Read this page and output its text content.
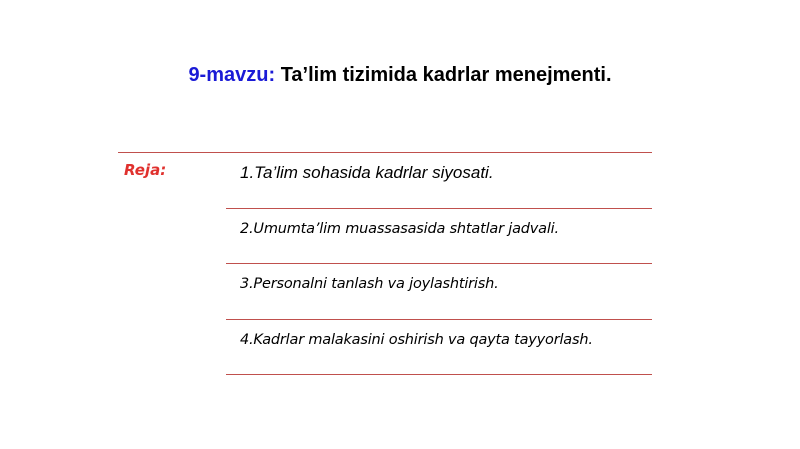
9-mavzu: Ta’lim tizimida kadrlar menejmenti.
Reja:	1.Ta’lim sohasida kadrlar siyosati.
2.Umumta’lim muassasasida shtatlar jadvali.
3.Personalni tanlash va joylashtirish.
4.Kadrlar malakasini oshirish va qayta tayyorlash.
